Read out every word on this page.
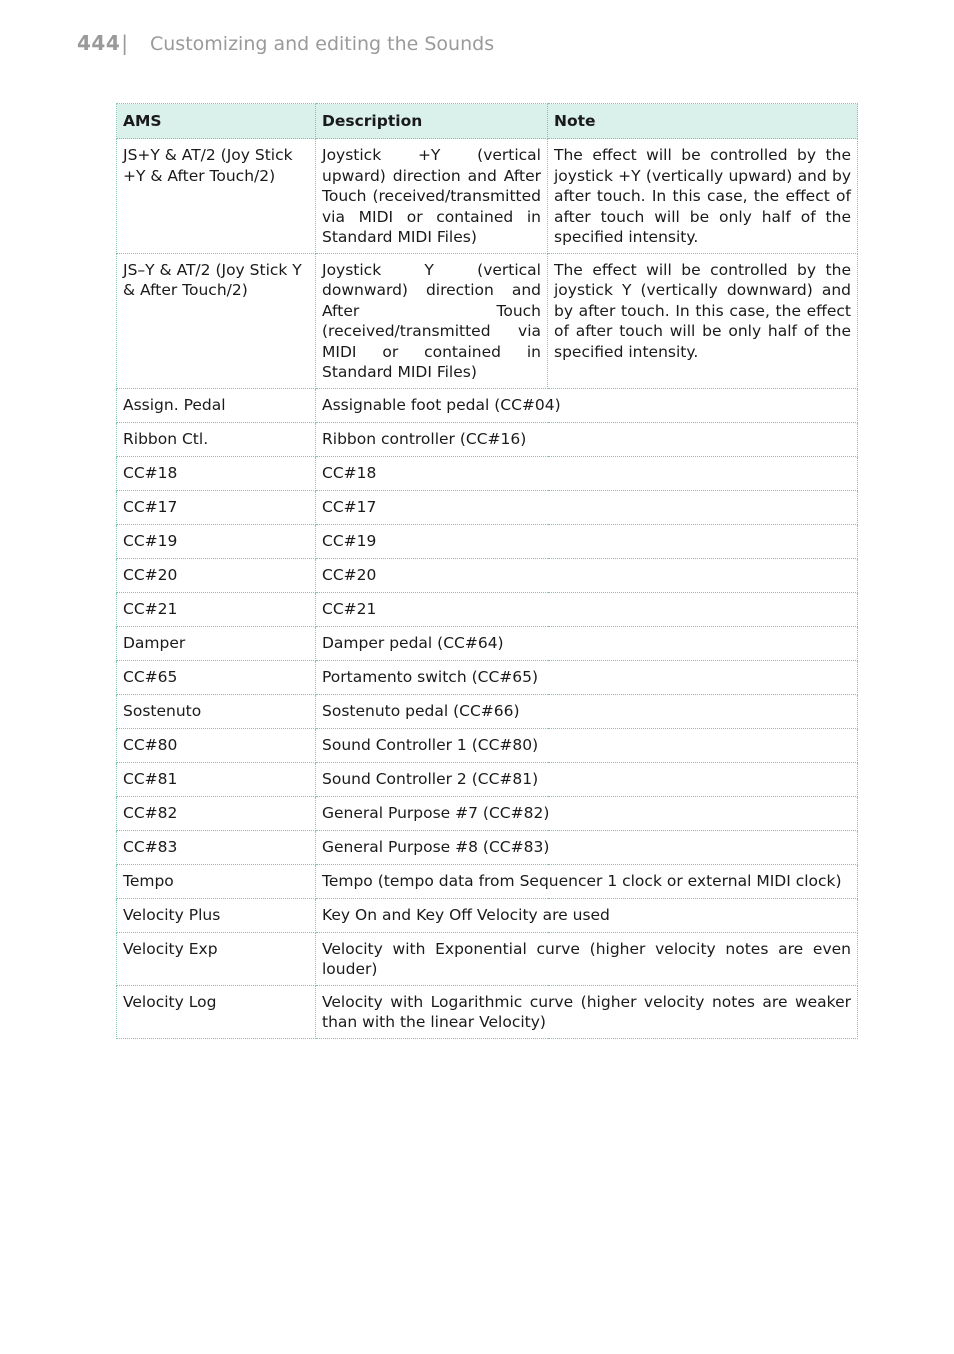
444| Customizing and editing the Sounds
AMS	Description	Note
JS+Y & AT/2 (Joy Stick +Y & After Touch/2)	Joystick +Y (vertical upward) direction and After Touch (received/transmitted via MIDI or contained in Standard MIDI Files)	The effect will be controlled by the joystick +Y (vertically upward) and by after touch. In this case, the effect of after touch will be only half of the specified intensity.
JS–Y & AT/2 (Joy Stick Y & After Touch/2)	Joystick Y (vertical downward) direction and After Touch (received/transmitted via MIDI or contained in Standard MIDI Files)	The effect will be controlled by the joystick Y (vertically downward) and by after touch. In this case, the effect of after touch will be only half of the specified intensity.
Assign. Pedal	Assignable foot pedal (CC#04)	
Ribbon Ctl.	Ribbon controller (CC#16)	
CC#18	CC#18	
CC#17	CC#17	
CC#19	CC#19	
CC#20	CC#20	
CC#21	CC#21	
Damper	Damper pedal (CC#64)	
CC#65	Portamento switch (CC#65)	
Sostenuto	Sostenuto pedal (CC#66)	
CC#80	Sound Controller 1 (CC#80)	
CC#81	Sound Controller 2 (CC#81)	
CC#82	General Purpose #7 (CC#82)	
CC#83	General Purpose #8 (CC#83)	
Tempo	Tempo (tempo data from Sequencer 1 clock or external MIDI clock)	
Velocity Plus	Key On and Key Off Velocity are used	
Velocity Exp	Velocity with Exponential curve (higher velocity notes are even louder)	
Velocity Log	Velocity with Logarithmic curve (higher velocity notes are weaker than with the linear Velocity)	
